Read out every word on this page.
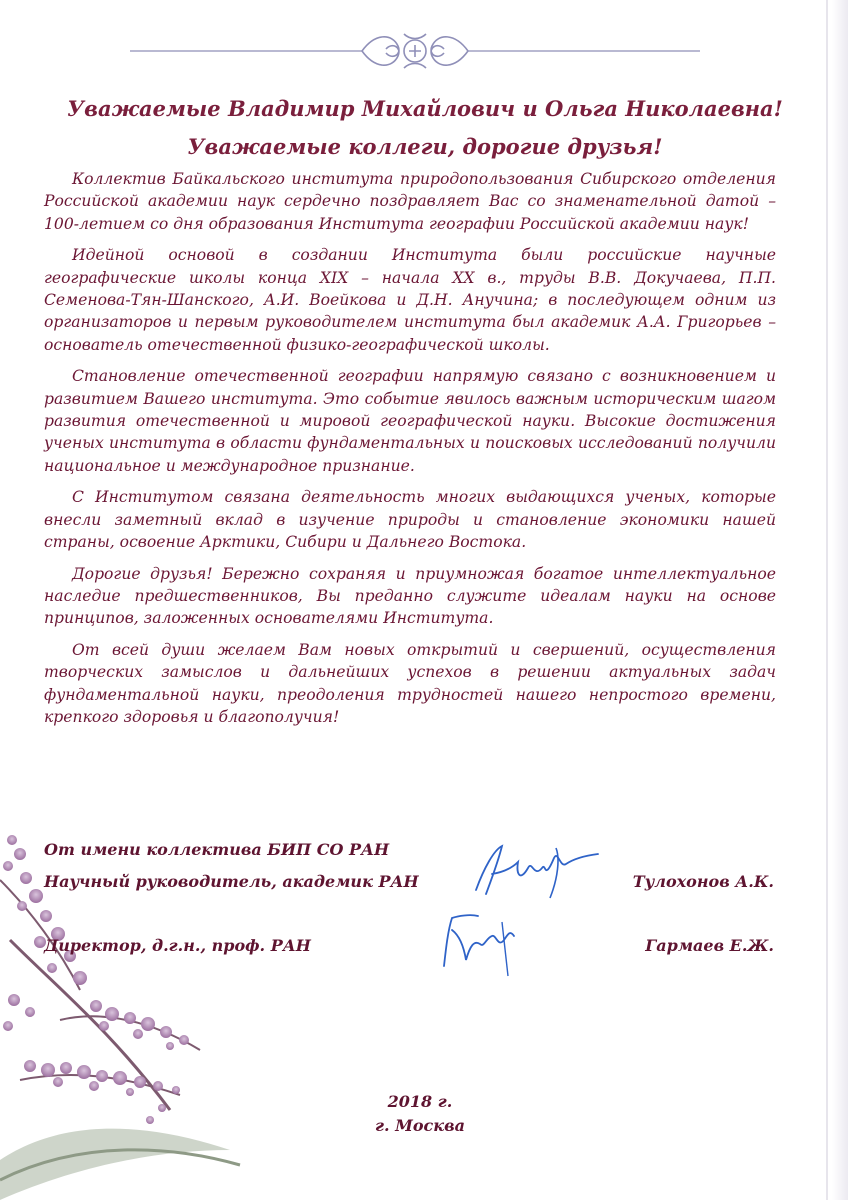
Уважаемые Владимир Михайлович и Ольга Николаевна!
Уважаемые коллеги, дорогие друзья!

Коллектив Байкальского института природопользования Сибирского отделения Российской академии наук сердечно поздравляет Вас со знаменательной датой – 100-летием со дня образования Института географии Российской академии наук!

Идейной основой в создании Института были российские научные географические школы конца XIX – начала XX в., труды В.В. Докучаева, П.П. Семенова-Тян-Шанского, А.И. Воейкова и Д.Н. Анучина; в последующем одним из организаторов и первым руководителем института был академик А.А. Григорьев – основатель отечественной физико-географической школы.

Становление отечественной географии напрямую связано с возникновением и развитием Вашего института. Это событие явилось важным историческим шагом развития отечественной и мировой географической науки. Высокие достижения ученых института в области фундаментальных и поисковых исследований получили национальное и международное признание.

С Институтом связана деятельность многих выдающихся ученых, которые внесли заметный вклад в изучение природы и становление экономики нашей страны, освоение Арктики, Сибири и Дальнего Востока.

Дорогие друзья! Бережно сохраняя и приумножая богатое интеллектуальное наследие предшественников, Вы преданно служите идеалам науки на основе принципов, заложенных основателями Института.

От всей души желаем Вам новых открытий и свершений, осуществления творческих замыслов и дальнейших успехов в решении актуальных задач фундаментальной науки, преодоления трудностей нашего непростого времени, крепкого здоровья и благополучия!

От имени коллектива БИП СО РАН
Научный руководитель, академик РАН	Тулохонов А.К.
Директор, д.г.н., проф. РАН	Гармаев Е.Ж.
2018 г.
г. Москва
